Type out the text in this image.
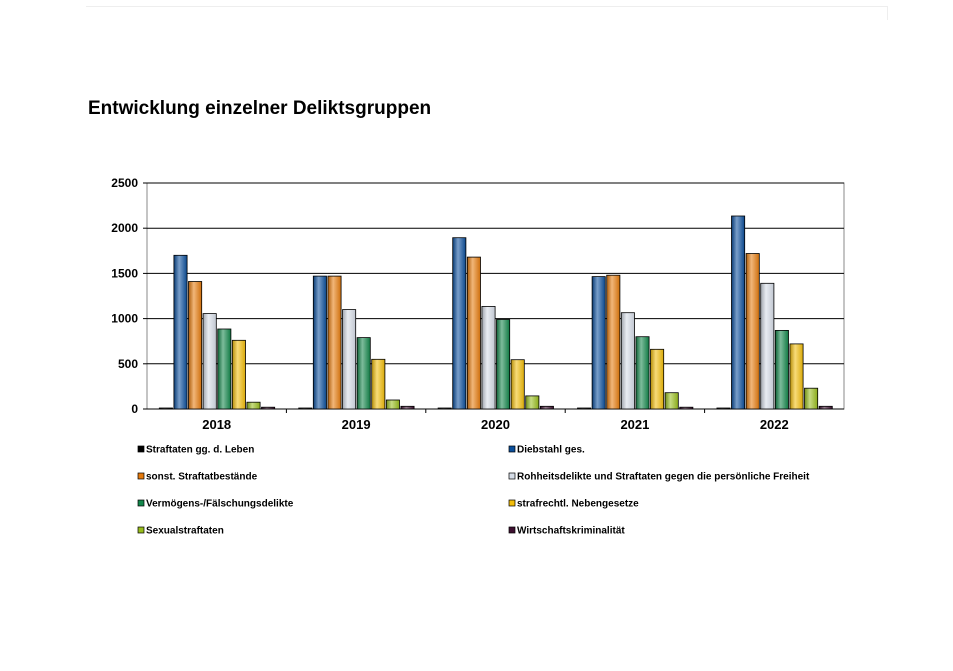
Entwicklung einzelner Deliktsgruppen
0
500
1000
1500
2000
2500
2018	2019	2020	2021	2022
Straftaten gg. d. Leben	Diebstahl ges.
sonst. Straftatbestände	Rohheitsdelikte und Straftaten gegen die persönliche Freiheit
Vermögens-/Fälschungsdelikte	strafrechtl. Nebengesetze
Sexualstraftaten	Wirtschaftskriminalität
